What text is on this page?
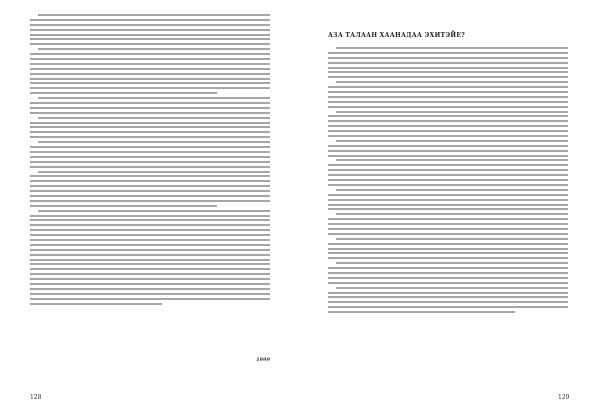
1999
128
АЗА ТАЛААН ХААНАДАА ЭХИТЭЙЕ?
129
